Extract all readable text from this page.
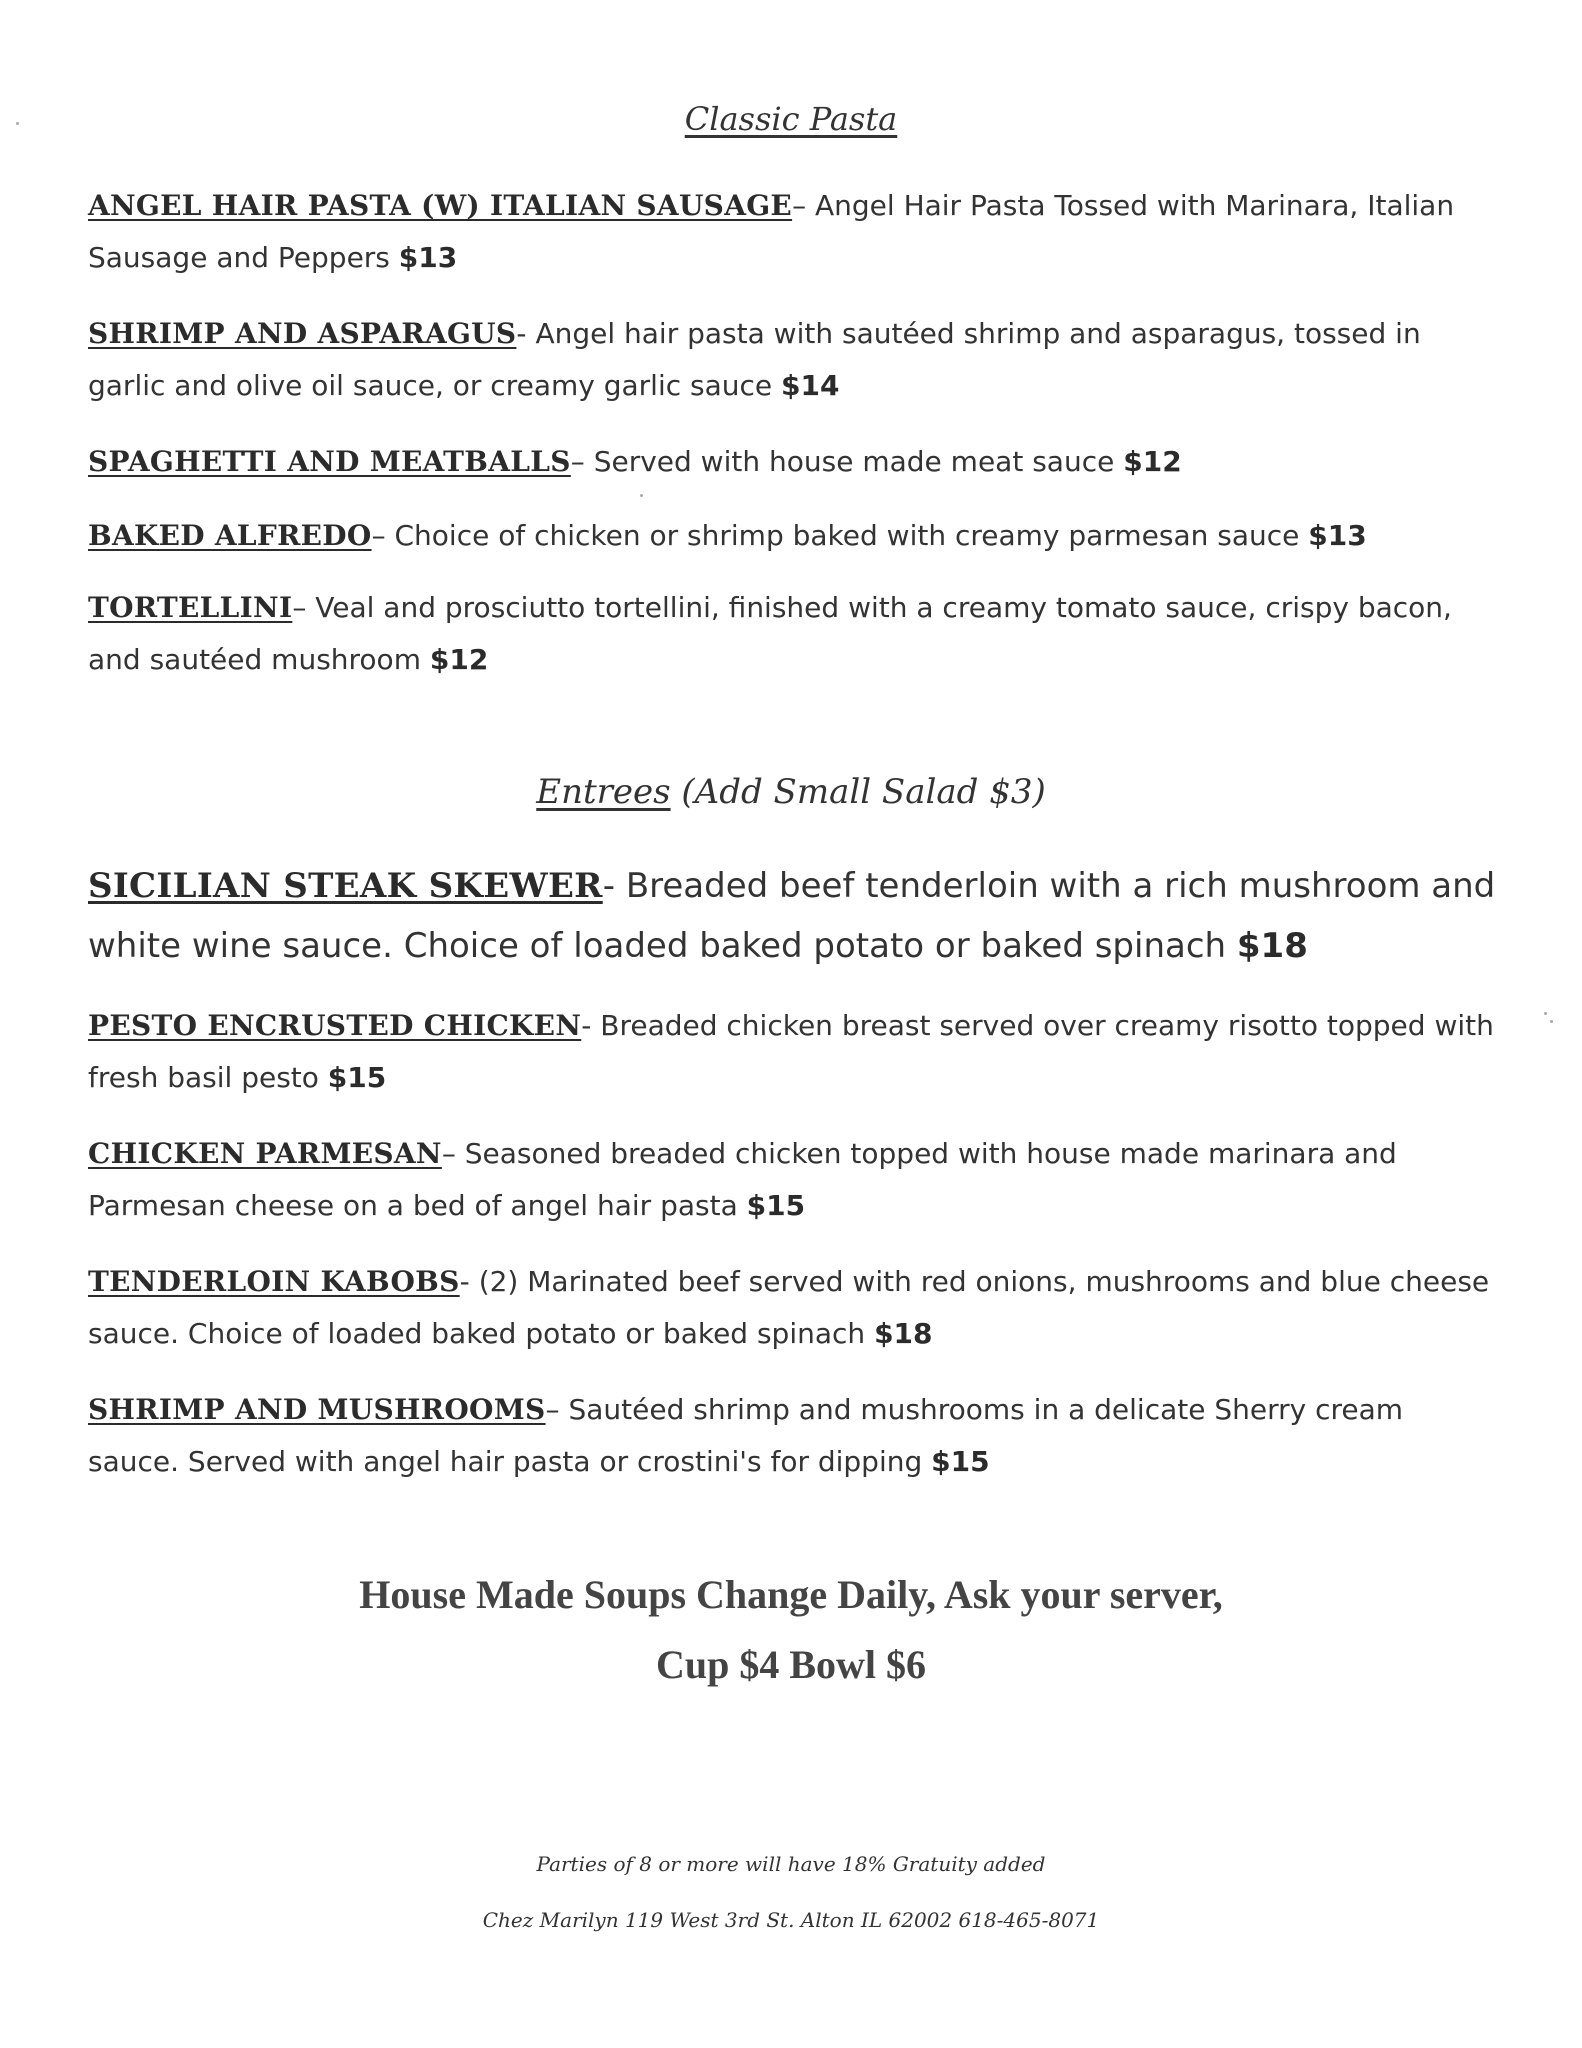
Classic Pasta
ANGEL HAIR PASTA (W) ITALIAN SAUSAGE– Angel Hair Pasta Tossed with Marinara, Italian Sausage and Peppers $13
SHRIMP AND ASPARAGUS- Angel hair pasta with sautéed shrimp and asparagus, tossed in garlic and olive oil sauce, or creamy garlic sauce $14
SPAGHETTI AND MEATBALLS– Served with house made meat sauce $12
BAKED ALFREDO– Choice of chicken or shrimp baked with creamy parmesan sauce $13
TORTELLINI– Veal and prosciutto tortellini, finished with a creamy tomato sauce, crispy bacon, and sautéed mushroom $12
Entrees (Add Small Salad $3)
SICILIAN STEAK SKEWER- Breaded beef tenderloin with a rich mushroom and white wine sauce. Choice of loaded baked potato or baked spinach $18
PESTO ENCRUSTED CHICKEN- Breaded chicken breast served over creamy risotto topped with fresh basil pesto $15
CHICKEN PARMESAN– Seasoned breaded chicken topped with house made marinara and Parmesan cheese on a bed of angel hair pasta $15
TENDERLOIN KABOBS- (2) Marinated beef served with red onions, mushrooms and blue cheese sauce. Choice of loaded baked potato or baked spinach $18
SHRIMP AND MUSHROOMS– Sautéed shrimp and mushrooms in a delicate Sherry cream sauce. Served with angel hair pasta or crostini's for dipping $15
House Made Soups Change Daily, Ask your server,
Cup $4 Bowl $6
Parties of 8 or more will have 18% Gratuity added
Chez Marilyn 119 West 3rd St. Alton IL 62002 618-465-8071
